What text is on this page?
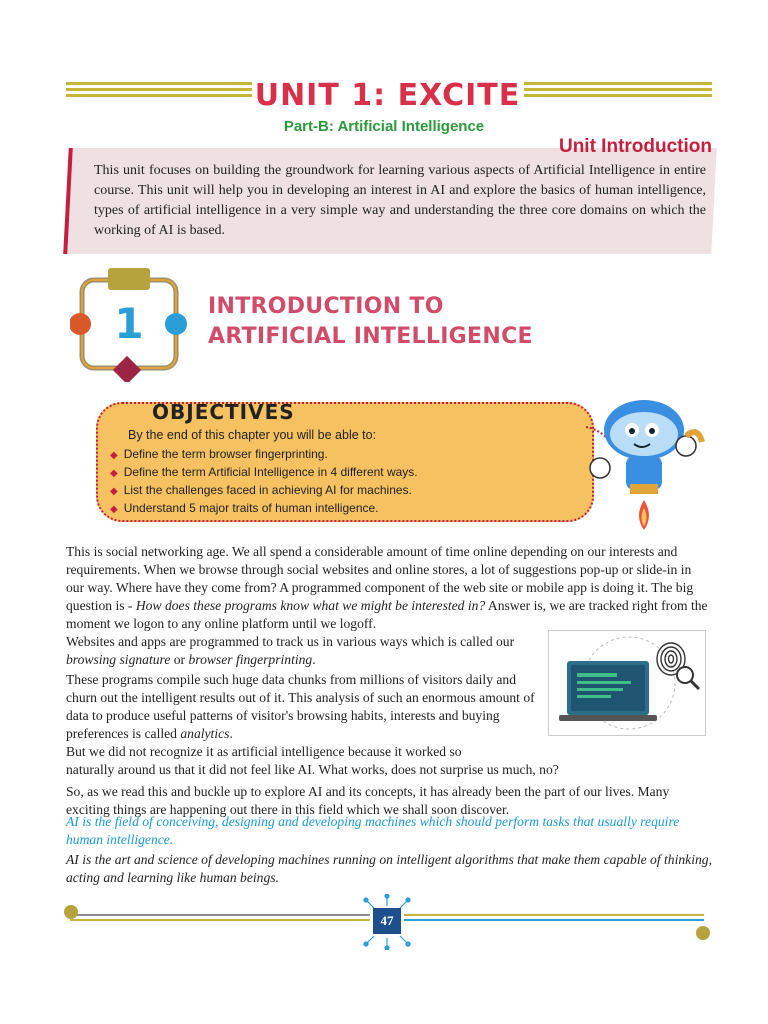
UNIT 1: EXCITE
Part-B: Artificial Intelligence
Unit Introduction
This unit focuses on building the groundwork for learning various aspects of Artificial Intelligence in entire course. This unit will help you in developing an interest in AI and explore the basics of human intelligence, types of artificial intelligence in a very simple way and understanding the three core domains on which the working of AI is based.
1	INTRODUCTION TO
ARTIFICIAL INTELLIGENCE
OBJECTIVES
By the end of this chapter you will be able to:
◆ Define the term browser fingerprinting.
◆ Define the term Artificial Intelligence in 4 different ways.
◆ List the challenges faced in achieving AI for machines.
◆ Understand 5 major traits of human intelligence.
This is social networking age. We all spend a considerable amount of time online depending on our interests and requirements. When we browse through social websites and online stores, a lot of suggestions pop-up or slide-in in our way. Where have they come from? A programmed component of the web site or mobile app is doing it. The big question is - How does these programs know what we might be interested in? Answer is, we are tracked right from the moment we logon to any online platform until we logoff.
Websites and apps are programmed to track us in various ways which is called our browsing signature or browser fingerprinting.
These programs compile such huge data chunks from millions of visitors daily and churn out the intelligent results out of it. This analysis of such an enormous amount of data to produce useful patterns of visitor's browsing habits, interests and buying preferences is called analytics.
But we did not recognize it as artificial intelligence because it worked so
naturally around us that it did not feel like AI. What works, does not surprise us much, no?
So, as we read this and buckle up to explore AI and its concepts, it has already been the part of our lives. Many exciting things are happening out there in this field which we shall soon discover.
AI is the field of conceiving, designing and developing machines which should perform tasks that usually require human intelligence.
AI is the art and science of developing machines running on intelligent algorithms that make them capable of thinking, acting and learning like human beings.
47
